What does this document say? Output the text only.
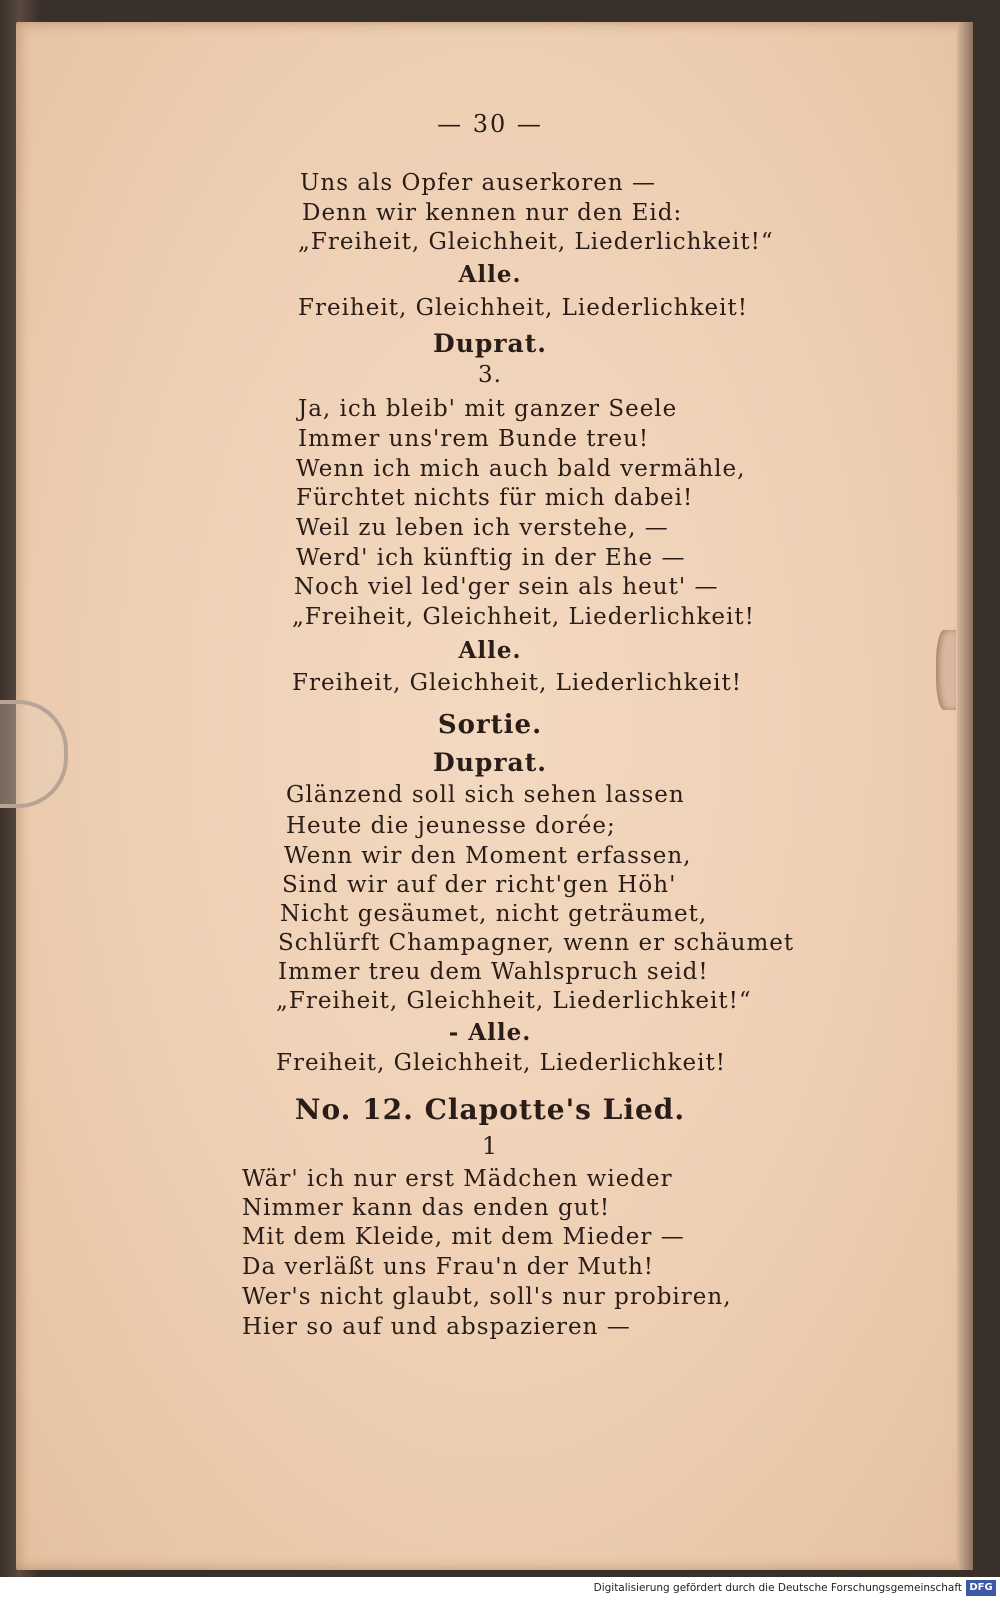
— 30 —
Uns als Opfer auserkoren —
Denn wir kennen nur den Eid:
„Freiheit, Gleichheit, Liederlichkeit!“
Alle.
Freiheit, Gleichheit, Liederlichkeit!
Duprat.
3.
Ja, ich bleib' mit ganzer Seele
Immer uns'rem Bunde treu!
Wenn ich mich auch bald vermähle,
Fürchtet nichts für mich dabei!
Weil zu leben ich verstehe, —
Werd' ich künftig in der Ehe —
Noch viel led'ger sein als heut' —
„Freiheit, Gleichheit, Liederlichkeit!
Alle.
Freiheit, Gleichheit, Liederlichkeit!
Sortie.
Duprat.
Glänzend soll sich sehen lassen
Heute die jeunesse dorée;
Wenn wir den Moment erfassen,
Sind wir auf der richt'gen Höh'
Nicht gesäumet, nicht geträumet,
Schlürft Champagner, wenn er schäumet
Immer treu dem Wahlspruch seid!
„Freiheit, Gleichheit, Liederlichkeit!“
- Alle.
Freiheit, Gleichheit, Liederlichkeit!
No. 12. Clapotte's Lied.
1
Wär' ich nur erst Mädchen wieder
Nimmer kann das enden gut!
Mit dem Kleide, mit dem Mieder —
Da verläßt uns Frau'n der Muth!
Wer's nicht glaubt, soll's nur probiren,
Hier so auf und abspazieren —
Digitalisierung gefördert durch die Deutsche Forschungsgemeinschaft DFG
